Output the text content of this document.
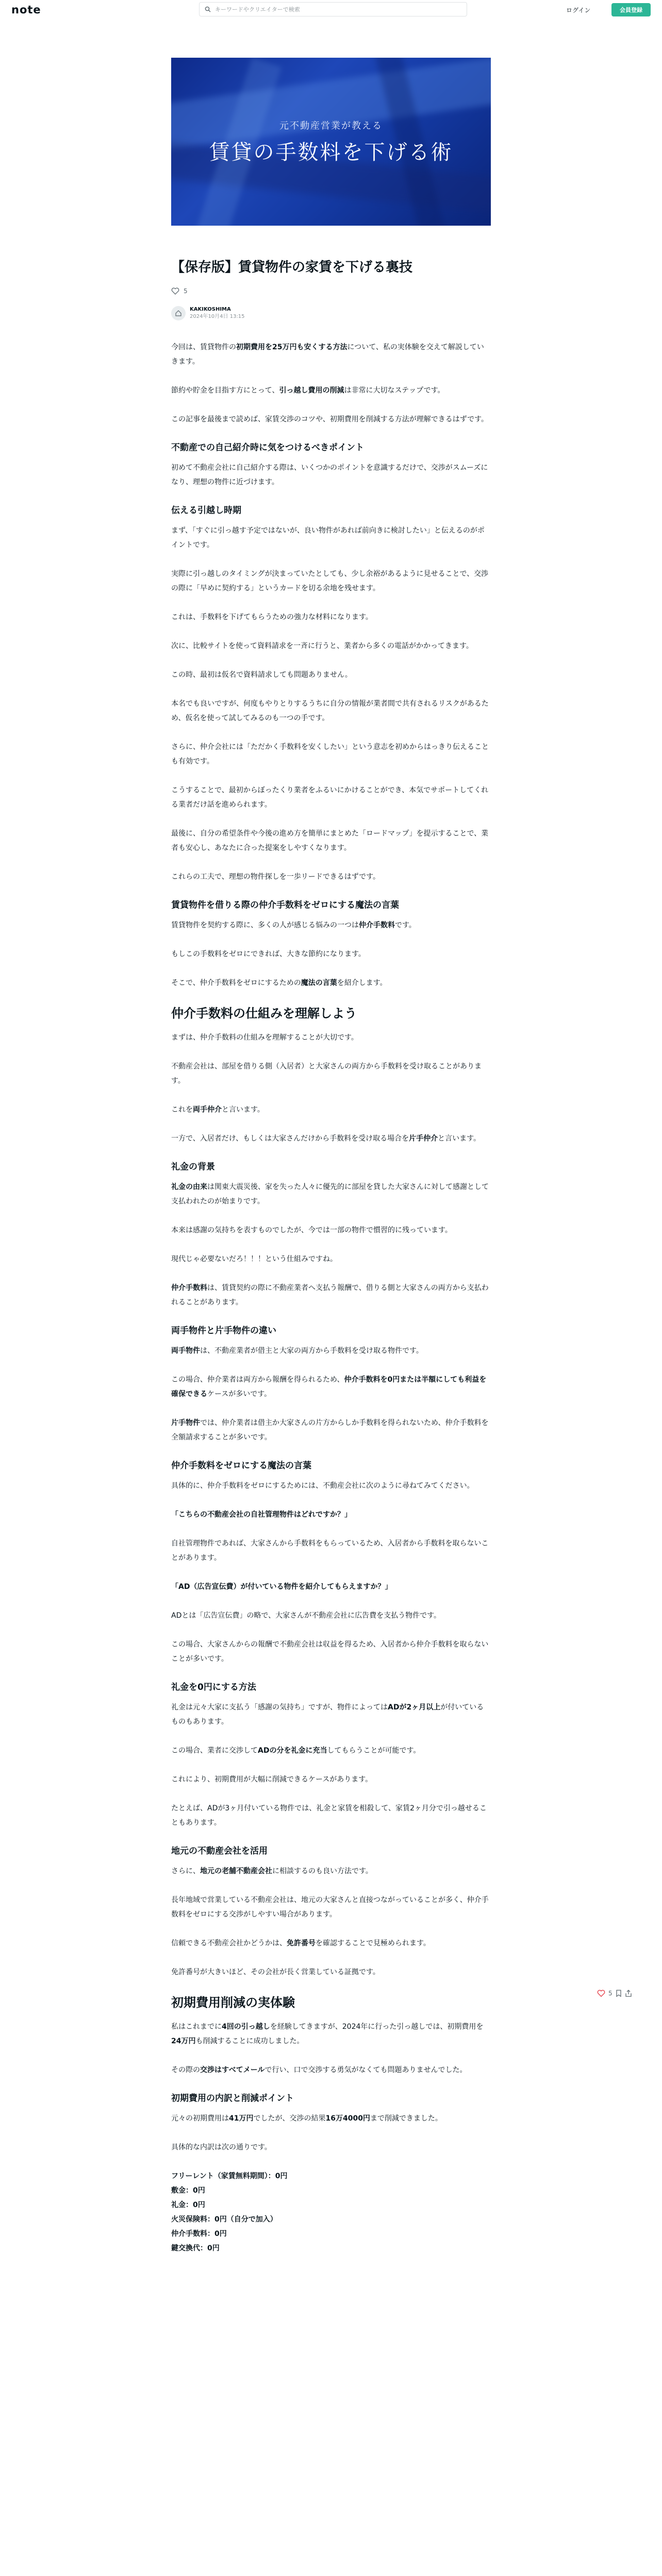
note	キーワードやクリエイターで検索	ログイン	会員登録
元不動産営業が教える
賃貸の手数料を下げる術
【保存版】賃貸物件の家賃を下げる裏技
5
KAKIKOSHIMA
2024年10月4日 13:15

今回は、賃貸物件の初期費用を25万円も安くする方法について、私の実体験を交えて解説していきます。

節約や貯金を目指す方にとって、引っ越し費用の削減は非常に大切なステップです。

この記事を最後まで読めば、家賃交渉のコツや、初期費用を削減する方法が理解できるはずです。

不動産での自己紹介時に気をつけるべきポイント

初めて不動産会社に自己紹介する際は、いくつかのポイントを意識するだけで、交渉がスムーズになり、理想の物件に近づけます。

伝える引越し時期

まず、「すぐに引っ越す予定ではないが、良い物件があれば前向きに検討したい」と伝えるのがポイントです。

実際に引っ越しのタイミングが決まっていたとしても、少し余裕があるように見せることで、交渉の際に「早めに契約する」というカードを切る余地を残せます。

これは、手数料を下げてもらうための強力な材料になります。

次に、比較サイトを使って資料請求を一斉に行うと、業者から多くの電話がかかってきます。

この時、最初は仮名で資料請求しても問題ありません。

本名でも良いですが、何度もやりとりするうちに自分の情報が業者間で共有されるリスクがあるため、仮名を使って試してみるのも一つの手です。

さらに、仲介会社には「ただかく手数料を安くしたい」という意志を初めからはっきり伝えることも有効です。

こうすることで、最初からぼったくり業者をふるいにかけることができ、本気でサポートしてくれる業者だけ話を進められます。

最後に、自分の希望条件や今後の進め方を簡単にまとめた「ロードマップ」を提示することで、業者も安心し、あなたに合った提案をしやすくなります。

これらの工夫で、理想の物件探しを一歩リードできるはずです。

賃貸物件を借りる際の仲介手数料をゼロにする魔法の言葉

賃貸物件を契約する際に、多くの人が感じる悩みの一つは仲介手数料です。

もしこの手数料をゼロにできれば、大きな節約になります。

そこで、仲介手数料をゼロにするための魔法の言葉を紹介します。

仲介手数料の仕組みを理解しよう

まずは、仲介手数料の仕組みを理解することが大切です。

不動産会社は、部屋を借りる側（入居者）と大家さんの両方から手数料を受け取ることがあります。

これを両手仲介と言います。

一方で、入居者だけ、もしくは大家さんだけから手数料を受け取る場合を片手仲介と言います。

礼金の背景

礼金の由来は関東大震災後、家を失った人々に優先的に部屋を貸した大家さんに対して感謝として支払われたのが始まりです。

本来は感謝の気持ちを表すものでしたが、今では一部の物件で慣習的に残っています。

現代じゃ必要ないだろ！！！という仕組みですね。

仲介手数料は、賃貸契約の際に不動産業者へ支払う報酬で、借りる側と大家さんの両方から支払われることがあります。

両手物件と片手物件の違い

両手物件は、不動産業者が借主と大家の両方から手数料を受け取る物件です。

この場合、仲介業者は両方から報酬を得られるため、仲介手数料を0円または半額にしても利益を確保できるケースが多いです。

片手物件では、仲介業者は借主か大家さんの片方からしか手数料を得られないため、仲介手数料を全額請求することが多いです。

仲介手数料をゼロにする魔法の言葉

具体的に、仲介手数料をゼロにするためには、不動産会社に次のように尋ねてみてください。

「こちらの不動産会社の自社管理物件はどれですか？」

自社管理物件であれば、大家さんから手数料をもらっているため、入居者から手数料を取らないことがあります。

「AD（広告宣伝費）が付いている物件を紹介してもらえますか？」

ADとは「広告宣伝費」の略で、大家さんが不動産会社に広告費を支払う物件です。

この場合、大家さんからの報酬で不動産会社は収益を得るため、入居者から仲介手数料を取らないことが多いです。

礼金を0円にする方法

礼金は元々大家に支払う「感謝の気持ち」ですが、物件によってはADが2ヶ月以上が付いているものもあります。

この場合、業者に交渉してADの分を礼金に充当してもらうことが可能です。

これにより、初期費用が大幅に削減できるケースがあります。

たとえば、ADが3ヶ月付いている物件では、礼金と家賃を相殺して、家賃2ヶ月分で引っ越せることもあります。

地元の不動産会社を活用

さらに、地元の老舗不動産会社に相談するのも良い方法です。

長年地域で営業している不動産会社は、地元の大家さんと直接つながっていることが多く、仲介手数料をゼロにする交渉がしやすい場合があります。

信頼できる不動産会社かどうかは、免許番号を確認することで見極められます。

免許番号が大きいほど、その会社が長く営業している証拠です。

初期費用削減の実体験

私はこれまでに4回の引っ越しを経験してきますが、2024年に行った引っ越しでは、初期費用を24万円も削減することに成功しました。

その際の交渉はすべてメールで行い、口で交渉する勇気がなくても問題ありませんでした。

初期費用の内訳と削減ポイント

元々の初期費用は41万円でしたが、交渉の結果16万4000円まで削減できました。

具体的な内訳は次の通りです。

フリーレント（家賃無料期間）：0円
敷金：0円
礼金：0円
火災保険料：0円（自分で加入）
仲介手数料：0円
鍵交換代：0円
5
